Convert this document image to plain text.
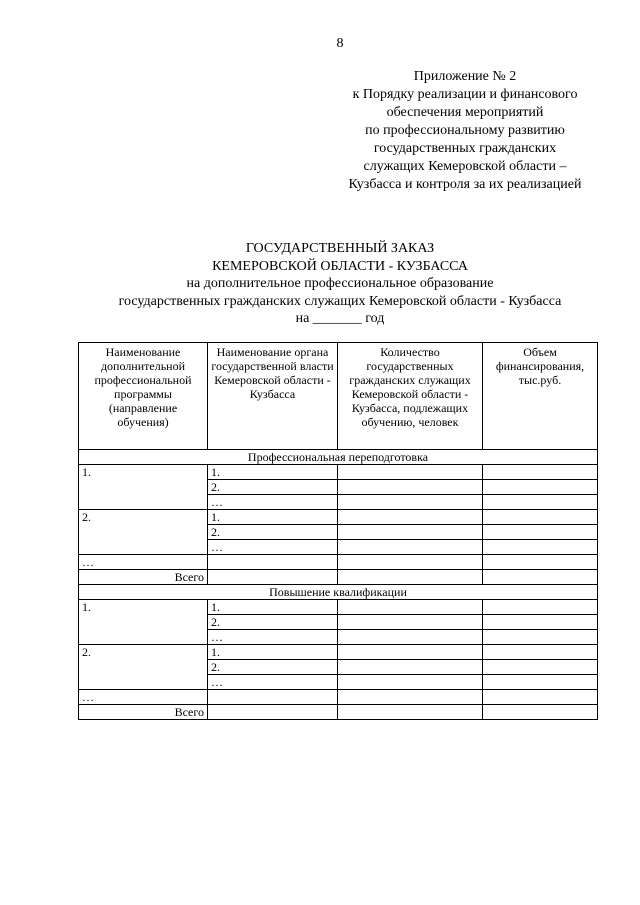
8
Приложение № 2
к Порядку реализации и финансового
обеспечения мероприятий
по профессиональному развитию
государственных гражданских
служащих Кемеровской области –
Кузбасса и контроля за их реализацией
ГОСУДАРСТВЕННЫЙ ЗАКАЗ
КЕМЕРОВСКОЙ ОБЛАСТИ - КУЗБАССА
на дополнительное профессиональное образование
государственных гражданских служащих Кемеровской области - Кузбасса
на _______ год
Наименование дополнительной профессиональной программы (направление обучения)	Наименование органа государственной власти Кемеровской области - Кузбасса	Количество государственных гражданских служащих Кемеровской области - Кузбасса, подлежащих обучению, человек	Объем финансирования, тыс.руб.
Профессиональная переподготовка			
1.	1.		
	2.		
	…		
2.	1.		
	2.		
	…		
…			
Всего			
Повышение квалификации			
1.	1.		
	2.		
	…		
2.	1.		
	2.		
	…		
…			
Всего			
